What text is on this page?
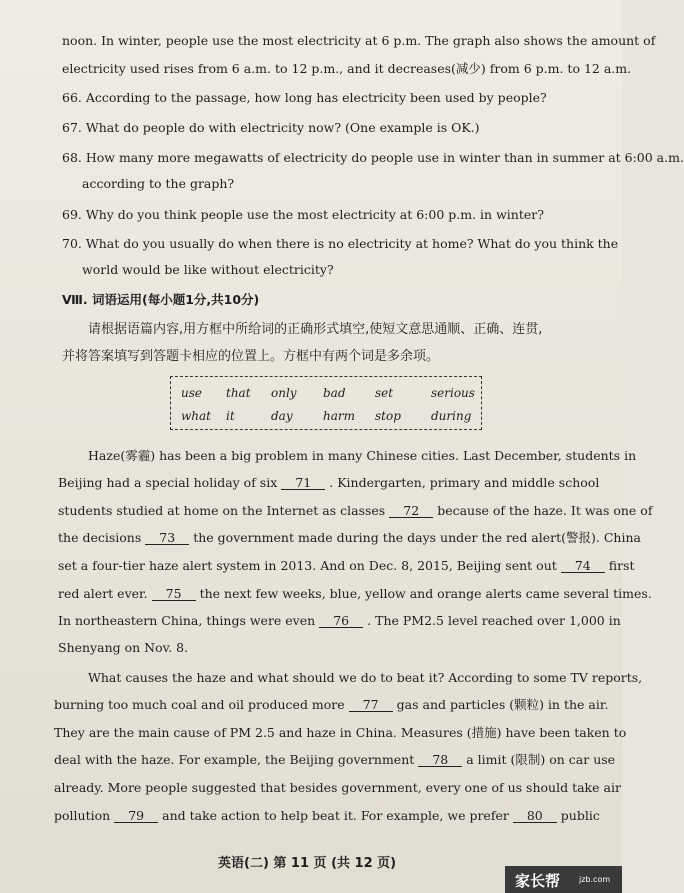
noon. In winter, people use the most electricity at 6 p.m. The graph also shows the amount of
electricity used rises from 6 a.m. to 12 p.m., and it decreases(减少) from 6 p.m. to 12 a.m.
66. According to the passage, how long has electricity been used by people?
67. What do people do with electricity now? (One example is OK.)
68. How many more megawatts of electricity do people use in winter than in summer at 6:00 a.m.
according to the graph?
69. Why do you think people use the most electricity at 6:00 p.m. in winter?
70. What do you usually do when there is no electricity at home? What do you think the
world would be like without electricity?
Ⅷ. 词语运用(每小题1分,共10分)
请根据语篇内容,用方框中所给词的正确形式填空,使短文意思通顺、正确、连贯,
并将答案填写到答题卡相应的位置上。方框中有两个词是多余项。
use that only bad set	serious
what it	day	harm stop	during
Haze(雾霾) has been a big problem in many Chinese cities. Last December, students in
Beijing had a special holiday of six 71 . Kindergarten, primary and middle school
students studied at home on the Internet as classes 72 because of the haze. It was one of
the decisions 73 the government made during the days under the red alert(警报). China
set a four-tier haze alert system in 2013. And on Dec. 8, 2015, Beijing sent out 74 first
red alert ever. 75 the next few weeks, blue, yellow and orange alerts came several times.
In northeastern China, things were even 76 . The PM2.5 level reached over 1,000 in
Shenyang on Nov. 8.
What causes the haze and what should we do to beat it? According to some TV reports,
burning too much coal and oil produced more 77 gas and particles (颗粒) in the air.
They are the main cause of PM 2.5 and haze in China. Measures (措施) have been taken to
deal with the haze. For example, the Beijing government 78 a limit (限制) on car use
already. More people suggested that besides government, every one of us should take air
pollution 79 and take action to help beat it. For example, we prefer 80 public
英语(二) 第 11 页 (共 12 页)
家长帮 jzb.com
